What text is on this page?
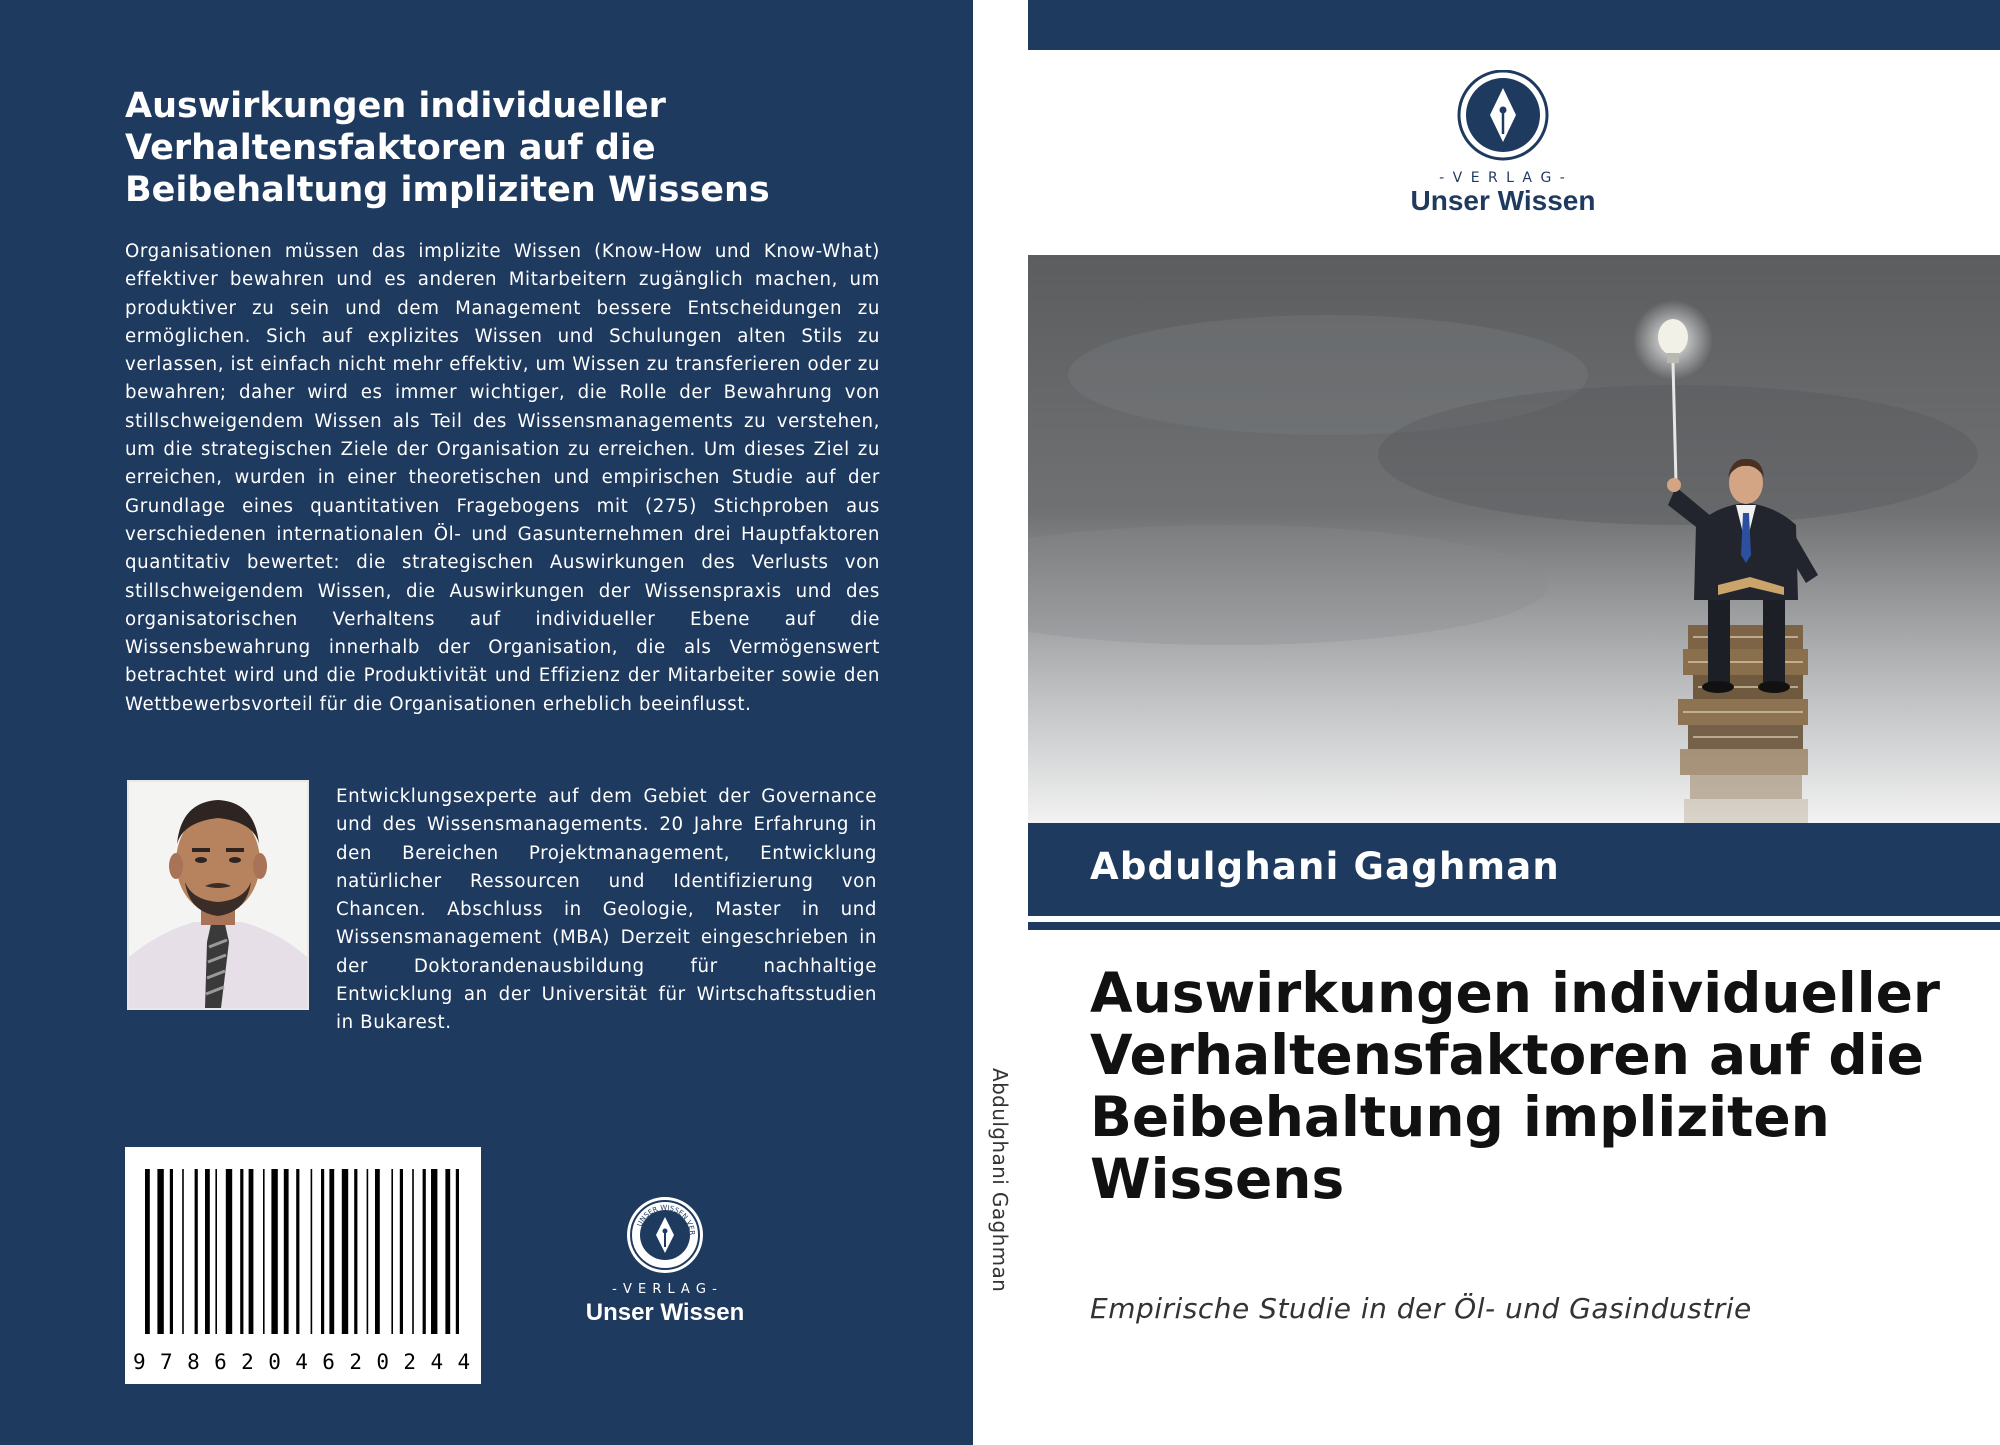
Auswirkungen individueller Verhaltensfaktoren auf die Beibehaltung impliziten Wissens

Organisationen müssen das implizite Wissen (Know-How und Know-What) effektiver bewahren und es anderen Mitarbeitern zugänglich machen, um produktiver zu sein und dem Management bessere Entscheidungen zu ermöglichen. Sich auf explizites Wissen und Schulungen alten Stils zu verlassen, ist einfach nicht mehr effektiv, um Wissen zu transferieren oder zu bewahren; daher wird es immer wichtiger, die Rolle der Bewahrung von stillschweigendem Wissen als Teil des Wissensmanagements zu verstehen, um die strategischen Ziele der Organisation zu erreichen. Um dieses Ziel zu erreichen, wurden in einer theoretischen und empirischen Studie auf der Grundlage eines quantitativen Fragebogens mit (275) Stichproben aus verschiedenen internationalen Öl- und Gasunternehmen drei Hauptfaktoren quantitativ bewertet: die strategischen Auswirkungen des Verlusts von stillschweigendem Wissen, die Auswirkungen der Wissenspraxis und des organisatorischen Verhaltens auf individueller Ebene auf die Wissensbewahrung innerhalb der Organisation, die als Vermögenswert betrachtet wird und die Produktivität und Effizienz der Mitarbeiter sowie den Wettbewerbsvorteil für die Organisationen erheblich beeinflusst.

Entwicklungsexperte auf dem Gebiet der Governance und des Wissensmanagements. 20 Jahre Erfahrung in den Bereichen Projektmanagement, Entwicklung natürlicher Ressourcen und Identifizierung von Chancen. Abschluss in Geologie, Master in und Wissensmanagement (MBA) Derzeit eingeschrieben in der Doktorandenausbildung für nachhaltige Entwicklung an der Universität für Wirtschaftsstudien in Bukarest.

9786204620244
UNSER WISSEN VER
- V E R L A G -
Unser Wissen
Abdulghani Gaghman
- V E R L A G -
Unser Wissen
Abdulghani Gaghman
Auswirkungen individueller Verhaltensfaktoren auf die Beibehaltung impliziten Wissens

Empirische Studie in der Öl- und Gasindustrie
